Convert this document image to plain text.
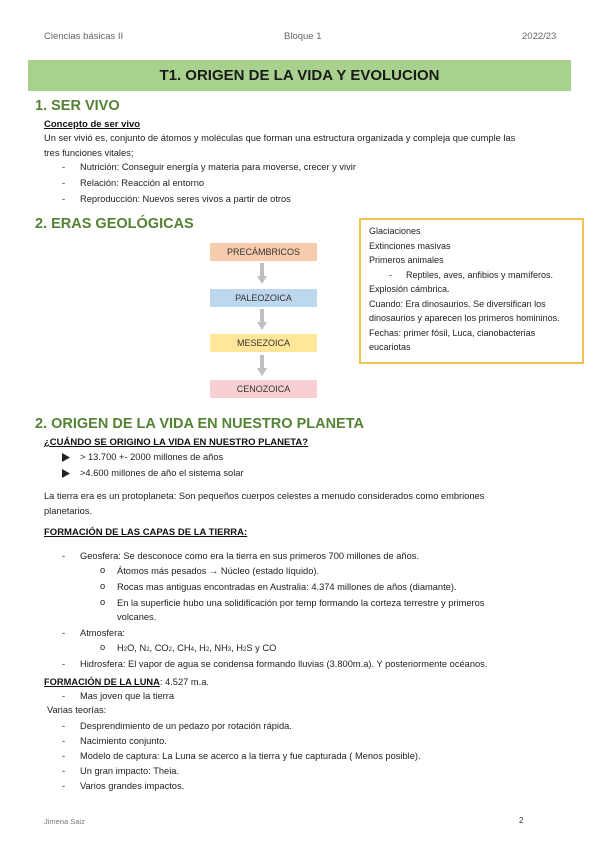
Ciencias básicas II	Bloque 1	2022/23
T1. ORIGEN DE LA VIDA Y EVOLUCION
1. SER VIVO
Concepto de ser vivo
Un ser vivió es, conjunto de átomos y moléculas que forman una estructura organizada y compleja que cumple las
tres funciones vitales;
- Nutrición: Conseguir energía y materia para moverse, crecer y vivir
- Relación: Reacción al entorno
- Reproducción: Nuevos seres vivos a partir de otros
2. ERAS GEOLÓGICAS
PRECÁMBRICOS
PALEOZOICA
MESEZOICA
CENOZOICA
Glaciaciones
Extinciones masivas
Primeros animales
- Reptiles, aves, anfibios y mamíferos.
Explosión cámbrica.
Cuando: Era dinosaurios. Se diversifican los
dinosaurios y aparecen los primeros homininos.
Fechas: primer fósil, Luca, cianobacterias
eucariotas
2. ORIGEN DE LA VIDA EN NUESTRO PLANETA
¿CUÁNDO SE ORIGINO LA VIDA EN NUESTRO PLANETA?
> 13.700 +- 2000 millones de años
>4.600 millones de año el sistema solar
La tierra era es un protoplaneta: Son pequeños cuerpos celestes a menudo considerados como embriones
planetarios.
FORMACIÓN DE LAS CAPAS DE LA TIERRA:
- Geosfera: Se desconoce como era la tierra en sus primeros 700 millones de años.
o Átomos más pesados → Núcleo (estado líquido).
o Rocas mas antiguas encontradas en Australia: 4.374 millones de años (diamante).
o En la superficie hubo una solidificación por temp formando la corteza terrestre y primeros
volcanes.
- Atmosfera:
o H2O, N2, CO2, CH4, H2, NH3, H2S y CO
- Hidrosfera: El vapor de agua se condensa formando lluvias (3.800m.a). Y posteriormente océanos.
FORMACIÓN DE LA LUNA: 4.527 m.a.
- Mas joven que la tierra
Varias teorías:
- Desprendimiento de un pedazo por rotación rápida.
- Nacimiento conjunto.
- Modelo de captura: La Luna se acerco a la tierra y fue capturada ( Menos posible).
- Un gran impacto: Theia.
- Varios grandes impactos.
Jimena Saiz	2
